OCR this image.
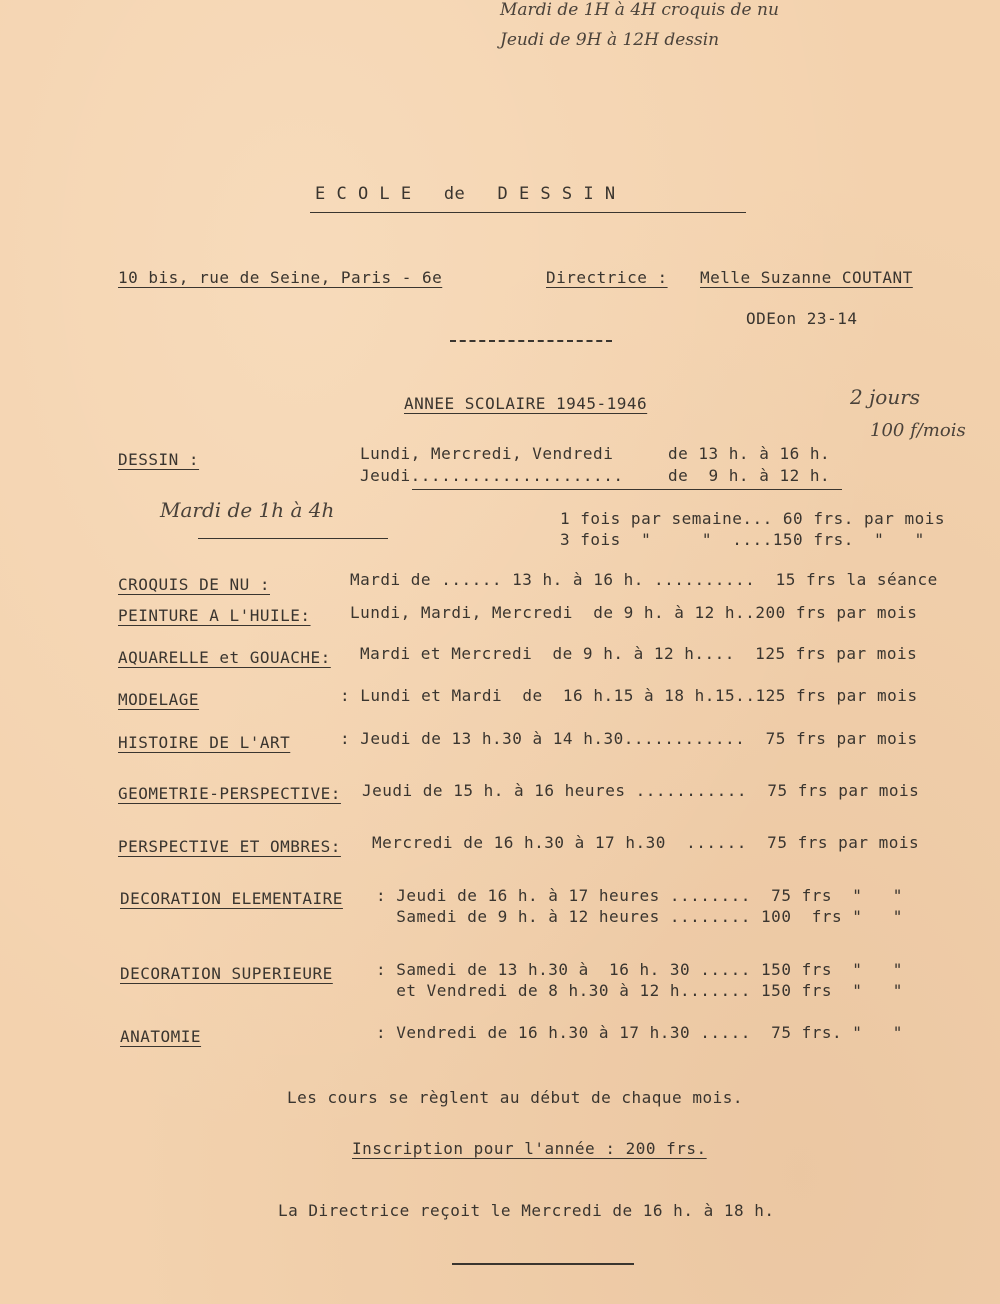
Mardi de 1H à 4H croquis de nu
Jeudi de 9H à 12H dessin
2 jours
100 f/mois
Mardi de 1h à 4h
E C O L E   de   D E S S I N
10 bis, rue de Seine, Paris - 6e	Directrice : Melle Suzanne COUTANT
ODEon 23-14
ANNEE SCOLAIRE 1945-1946
DESSIN :	Lundi, Mercredi, Vendredi	de 13 h. à 16 h.
Jeudi.....................	de  9 h. à 12 h.
1 fois par semaine... 60 frs. par mois
3 fois  "     "  ....150 frs.  "   "
CROQUIS DE NU :	Mardi de ...... 13 h. à 16 h. ..........  15 frs la séance
PEINTURE A L'HUILE: Lundi, Mardi, Mercredi  de 9 h. à 12 h..200 frs par mois
AQUARELLE et GOUACHE: Mardi et Mercredi  de 9 h. à 12 h....  125 frs par mois
MODELAGE	: Lundi et Mardi  de  16 h.15 à 18 h.15..125 frs par mois
HISTOIRE DE L'ART	: Jeudi de 13 h.30 à 14 h.30............  75 frs par mois
GEOMETRIE-PERSPECTIVE: Jeudi de 15 h. à 16 heures ...........  75 frs par mois
PERSPECTIVE ET OMBRES: Mercredi de 16 h.30 à 17 h.30  ......  75 frs par mois
DECORATION ELEMENTAIRE : Jeudi de 16 h. à 17 heures ........  75 frs  "   "
Samedi de 9 h. à 12 heures ........ 100  frs "   "
DECORATION SUPERIEURE	: Samedi de 13 h.30 à  16 h. 30 ..... 150 frs  "   "
et Vendredi de 8 h.30 à 12 h....... 150 frs  "   "
ANATOMIE	: Vendredi de 16 h.30 à 17 h.30 .....  75 frs. "   "
Les cours se règlent au début de chaque mois.
Inscription pour l'année : 200 frs.
La Directrice reçoit le Mercredi de 16 h. à 18 h.
